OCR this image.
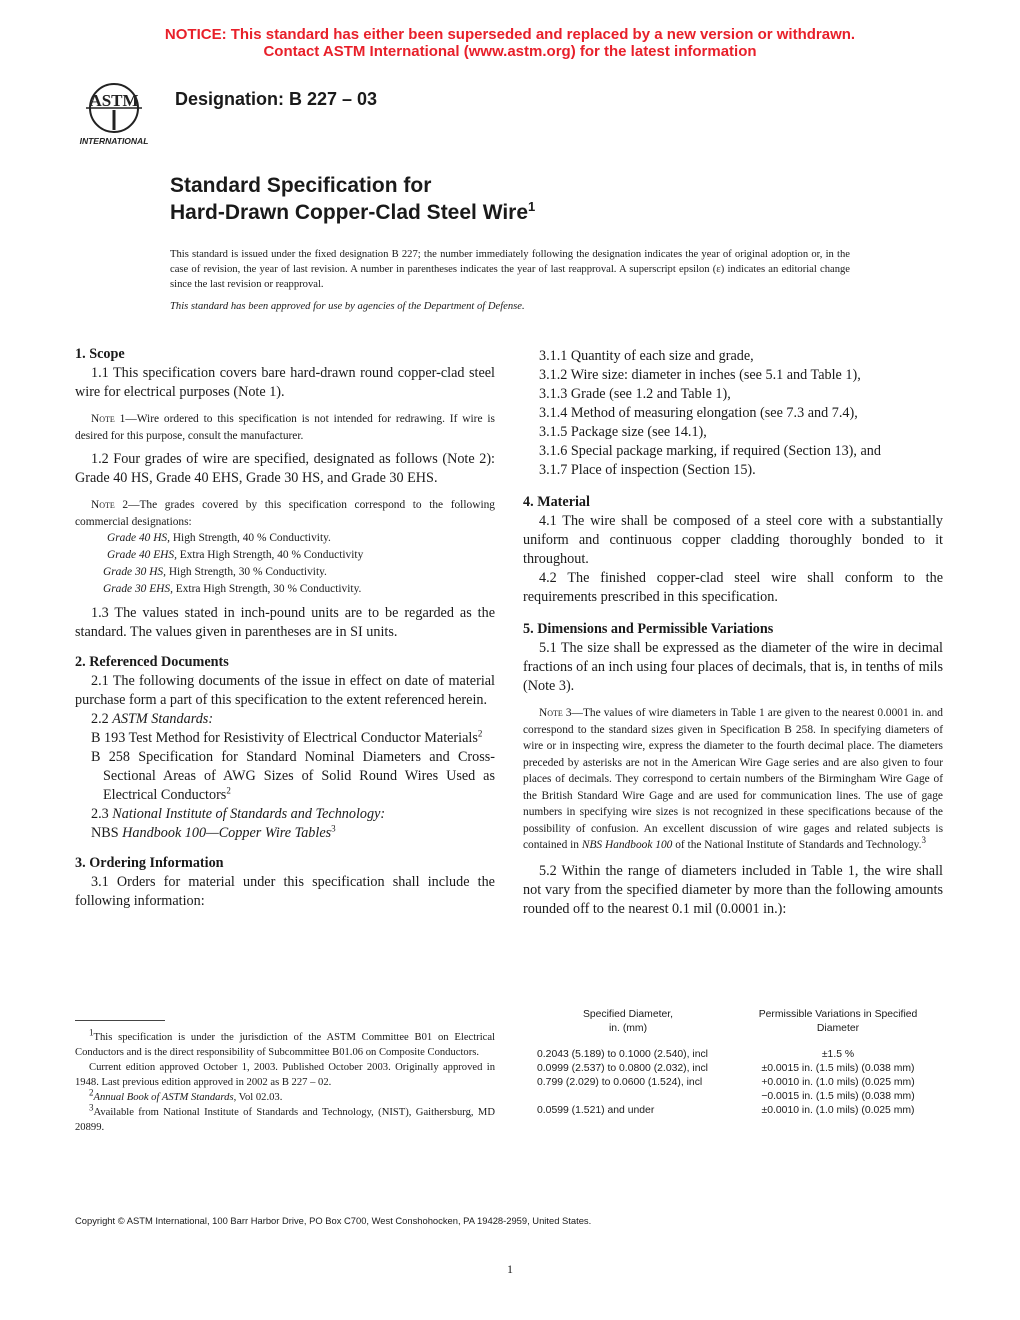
NOTICE: This standard has either been superseded and replaced by a new version or withdrawn.
Contact ASTM International (www.astm.org) for the latest information
ASTM
INTERNATIONAL
Designation: B 227 – 03
Standard Specification for
Hard-Drawn Copper-Clad Steel Wire$^1$
This standard is issued under the fixed designation B 227; the number immediately following the designation indicates the year of original adoption or, in the case of revision, the year of last revision. A number in parentheses indicates the year of last reapproval. A superscript epsilon (ε) indicates an editorial change since the last revision or reapproval.
This standard has been approved for use by agencies of the Department of Defense.

1. Scope

1.1 This specification covers bare hard-drawn round copper-clad steel wire for electrical purposes (Note 1).

Note 1—Wire ordered to this specification is not intended for redrawing. If wire is desired for this purpose, consult the manufacturer.

1.2 Four grades of wire are specified, designated as follows (Note 2): Grade 40 HS, Grade 40 EHS, Grade 30 HS, and Grade 30 EHS.

Note 2—The grades covered by this specification correspond to the following commercial designations:

Grade 40 HS, High Strength, 40 % Conductivity.

Grade 40 EHS, Extra High Strength, 40 % Conductivity

Grade 30 HS, High Strength, 30 % Conductivity.

Grade 30 EHS, Extra High Strength, 30 % Conductivity.

1.3 The values stated in inch-pound units are to be regarded as the standard. The values given in parentheses are in SI units.

2. Referenced Documents

2.1 The following documents of the issue in effect on date of material purchase form a part of this specification to the extent referenced herein.

2.2 ASTM Standards:

B 193 Test Method for Resistivity of Electrical Conductor Materials$^2$

B 258 Specification for Standard Nominal Diameters and Cross-Sectional Areas of AWG Sizes of Solid Round Wires Used as Electrical Conductors$^2$

2.3 National Institute of Standards and Technology:

NBS Handbook 100—Copper Wire Tables$^3$

3. Ordering Information

3.1 Orders for material under this specification shall include the following information:

3.1.1 Quantity of each size and grade,

3.1.2 Wire size: diameter in inches (see 5.1 and Table 1),

3.1.3 Grade (see 1.2 and Table 1),

3.1.4 Method of measuring elongation (see 7.3 and 7.4),

3.1.5 Package size (see 14.1),

3.1.6 Special package marking, if required (Section 13), and

3.1.7 Place of inspection (Section 15).

4. Material

4.1 The wire shall be composed of a steel core with a substantially uniform and continuous copper cladding thoroughly bonded to it throughout.

4.2 The finished copper-clad steel wire shall conform to the requirements prescribed in this specification.

5. Dimensions and Permissible Variations

5.1 The size shall be expressed as the diameter of the wire in decimal fractions of an inch using four places of decimals, that is, in tenths of mils (Note 3).

Note 3—The values of wire diameters in Table 1 are given to the nearest 0.0001 in. and correspond to the standard sizes given in Specification B 258. In specifying diameters of wire or in inspecting wire, express the diameter to the fourth decimal place. The diameters preceded by asterisks are not in the American Wire Gage series and are also given to four places of decimals. They correspond to certain numbers of the Birmingham Wire Gage of the British Standard Wire Gage and are used for communication lines. The use of gage numbers in specifying wire sizes is not recognized in these specifications because of the possibility of confusion. An excellent discussion of wire gages and related subjects is contained in NBS Handbook 100 of the National Institute of Standards and Technology.$^3$

5.2 Within the range of diameters included in Table 1, the wire shall not vary from the specified diameter by more than the following amounts rounded off to the nearest 0.1 mil (0.0001 in.):

Specified Diameter,
in. (mm)	Permissible Variations in Specified
Diameter

0.2043 (5.189) to 0.1000 (2.540), incl	±1.5 %
0.0999 (2.537) to 0.0800 (2.032), incl	±0.0015 in. (1.5 mils) (0.038 mm)
0.799 (2.029) to 0.0600 (1.524), incl	+0.0010 in. (1.0 mils) (0.025 mm)
	−0.0015 in. (1.5 mils) (0.038 mm)
0.0599 (1.521) and under	±0.0010 in. (1.0 mils) (0.025 mm)

$^1$This specification is under the jurisdiction of the ASTM Committee B01 on Electrical Conductors and is the direct responsibility of Subcommittee B01.06 on Composite Conductors.

Current edition approved October 1, 2003. Published October 2003. Originally approved in 1948. Last previous edition approved in 2002 as B 227 – 02.

$^2$Annual Book of ASTM Standards, Vol 02.03.

$^3$Available from National Institute of Standards and Technology, (NIST), Gaithersburg, MD 20899.

Copyright © ASTM International, 100 Barr Harbor Drive, PO Box C700, West Conshohocken, PA 19428-2959, United States.
1
